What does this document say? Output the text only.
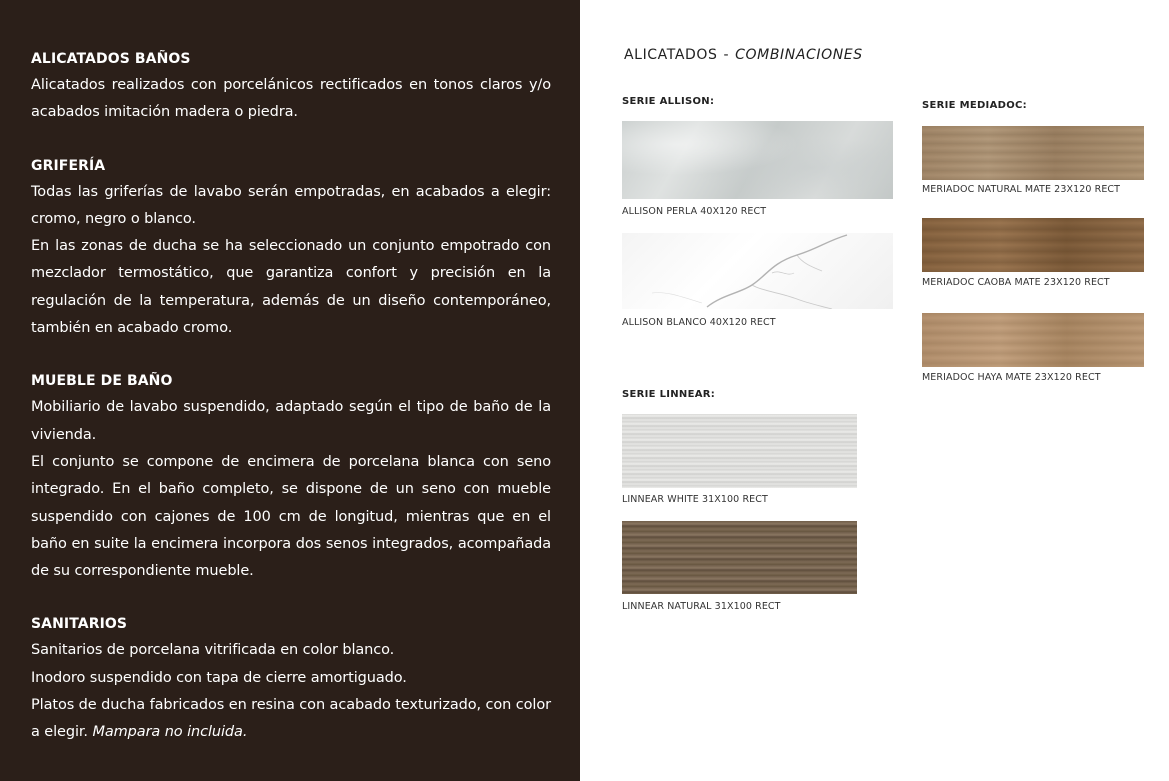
ALICATADOS BAÑOS

Alicatados realizados con porcelánicos rectificados en tonos claros y/o acabados imitación madera o piedra.

GRIFERÍA

Todas las griferías de lavabo serán empotradas, en acabados a elegir: cromo, negro o blanco.

En las zonas de ducha se ha seleccionado un conjunto empotrado con mezclador termostático, que garantiza confort y precisión en la regulación de la temperatura, además de un diseño contemporáneo, también en acabado cromo.

MUEBLE DE BAÑO

Mobiliario de lavabo suspendido, adaptado según el tipo de baño de la vivienda.

El conjunto se compone de encimera de porcelana blanca con seno integrado. En el baño completo, se dispone de un seno con mueble suspendido con cajones de 100 cm de longitud, mientras que en el baño en suite la encimera incorpora dos senos integrados, acompañada de su correspondiente mueble.

SANITARIOS

Sanitarios de porcelana vitrificada en color blanco.

Inodoro suspendido con tapa de cierre amortiguado.

Platos de ducha fabricados en resina con acabado texturizado, con color a elegir. Mampara no incluida.

ALICATADOS - COMBINACIONES
SERIE ALLISON:
ALLISON PERLA 40X120 RECT
ALLISON BLANCO 40X120 RECT
SERIE LINNEAR:
LINNEAR WHITE 31X100 RECT
LINNEAR NATURAL 31X100 RECT
SERIE MEDIADOC:
MERIADOC NATURAL MATE 23X120 RECT
MERIADOC CAOBA MATE 23X120 RECT
MERIADOC HAYA MATE 23X120 RECT
